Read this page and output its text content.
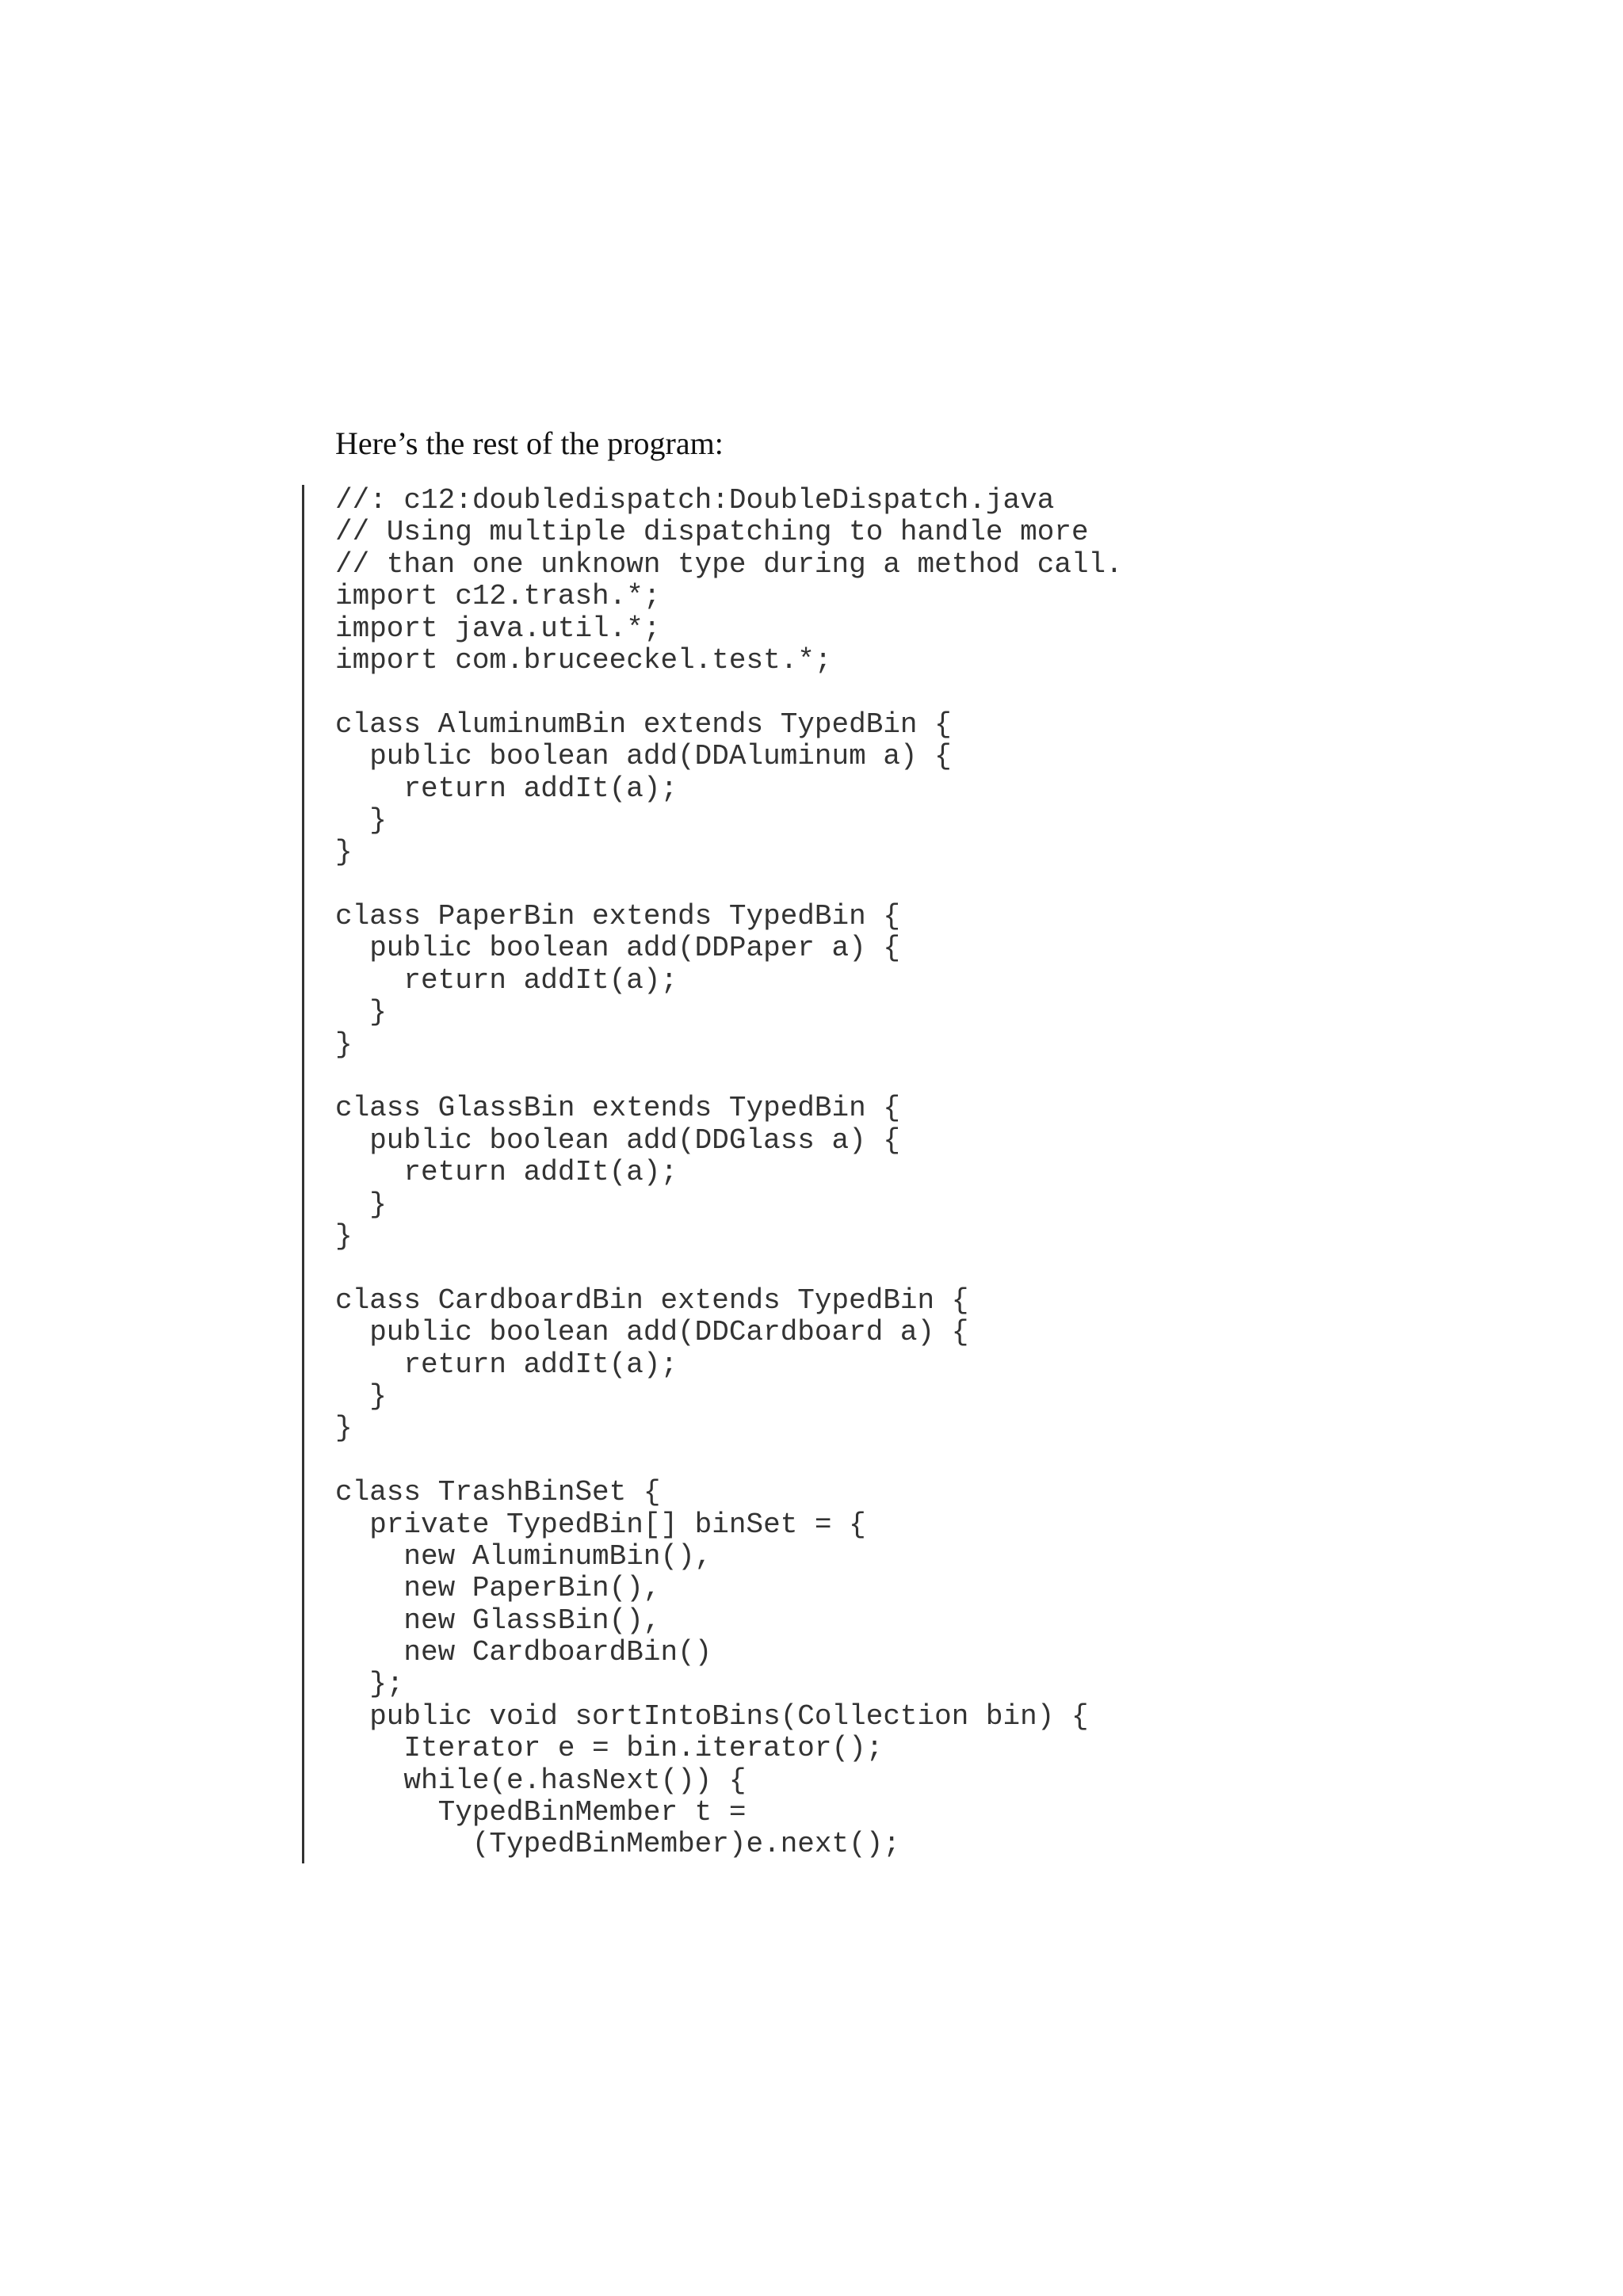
Here’s the rest of the program:
//: c12:doubledispatch:DoubleDispatch.java
// Using multiple dispatching to handle more
// than one unknown type during a method call.
import c12.trash.*;
import java.util.*;
import com.bruceeckel.test.*;
class AluminumBin extends TypedBin {
public boolean add(DDAluminum a) {
return addIt(a);
}
}
class PaperBin extends TypedBin {
public boolean add(DDPaper a) {
return addIt(a);
}
}
class GlassBin extends TypedBin {
public boolean add(DDGlass a) {
return addIt(a);
}
}
class CardboardBin extends TypedBin {
public boolean add(DDCardboard a) {
return addIt(a);
}
}
class TrashBinSet {
private TypedBin[] binSet = {
new AluminumBin(),
new PaperBin(),
new GlassBin(),
new CardboardBin()
};
public void sortIntoBins(Collection bin) {
Iterator e = bin.iterator();
while(e.hasNext()) {
TypedBinMember t =
(TypedBinMember)e.next();
